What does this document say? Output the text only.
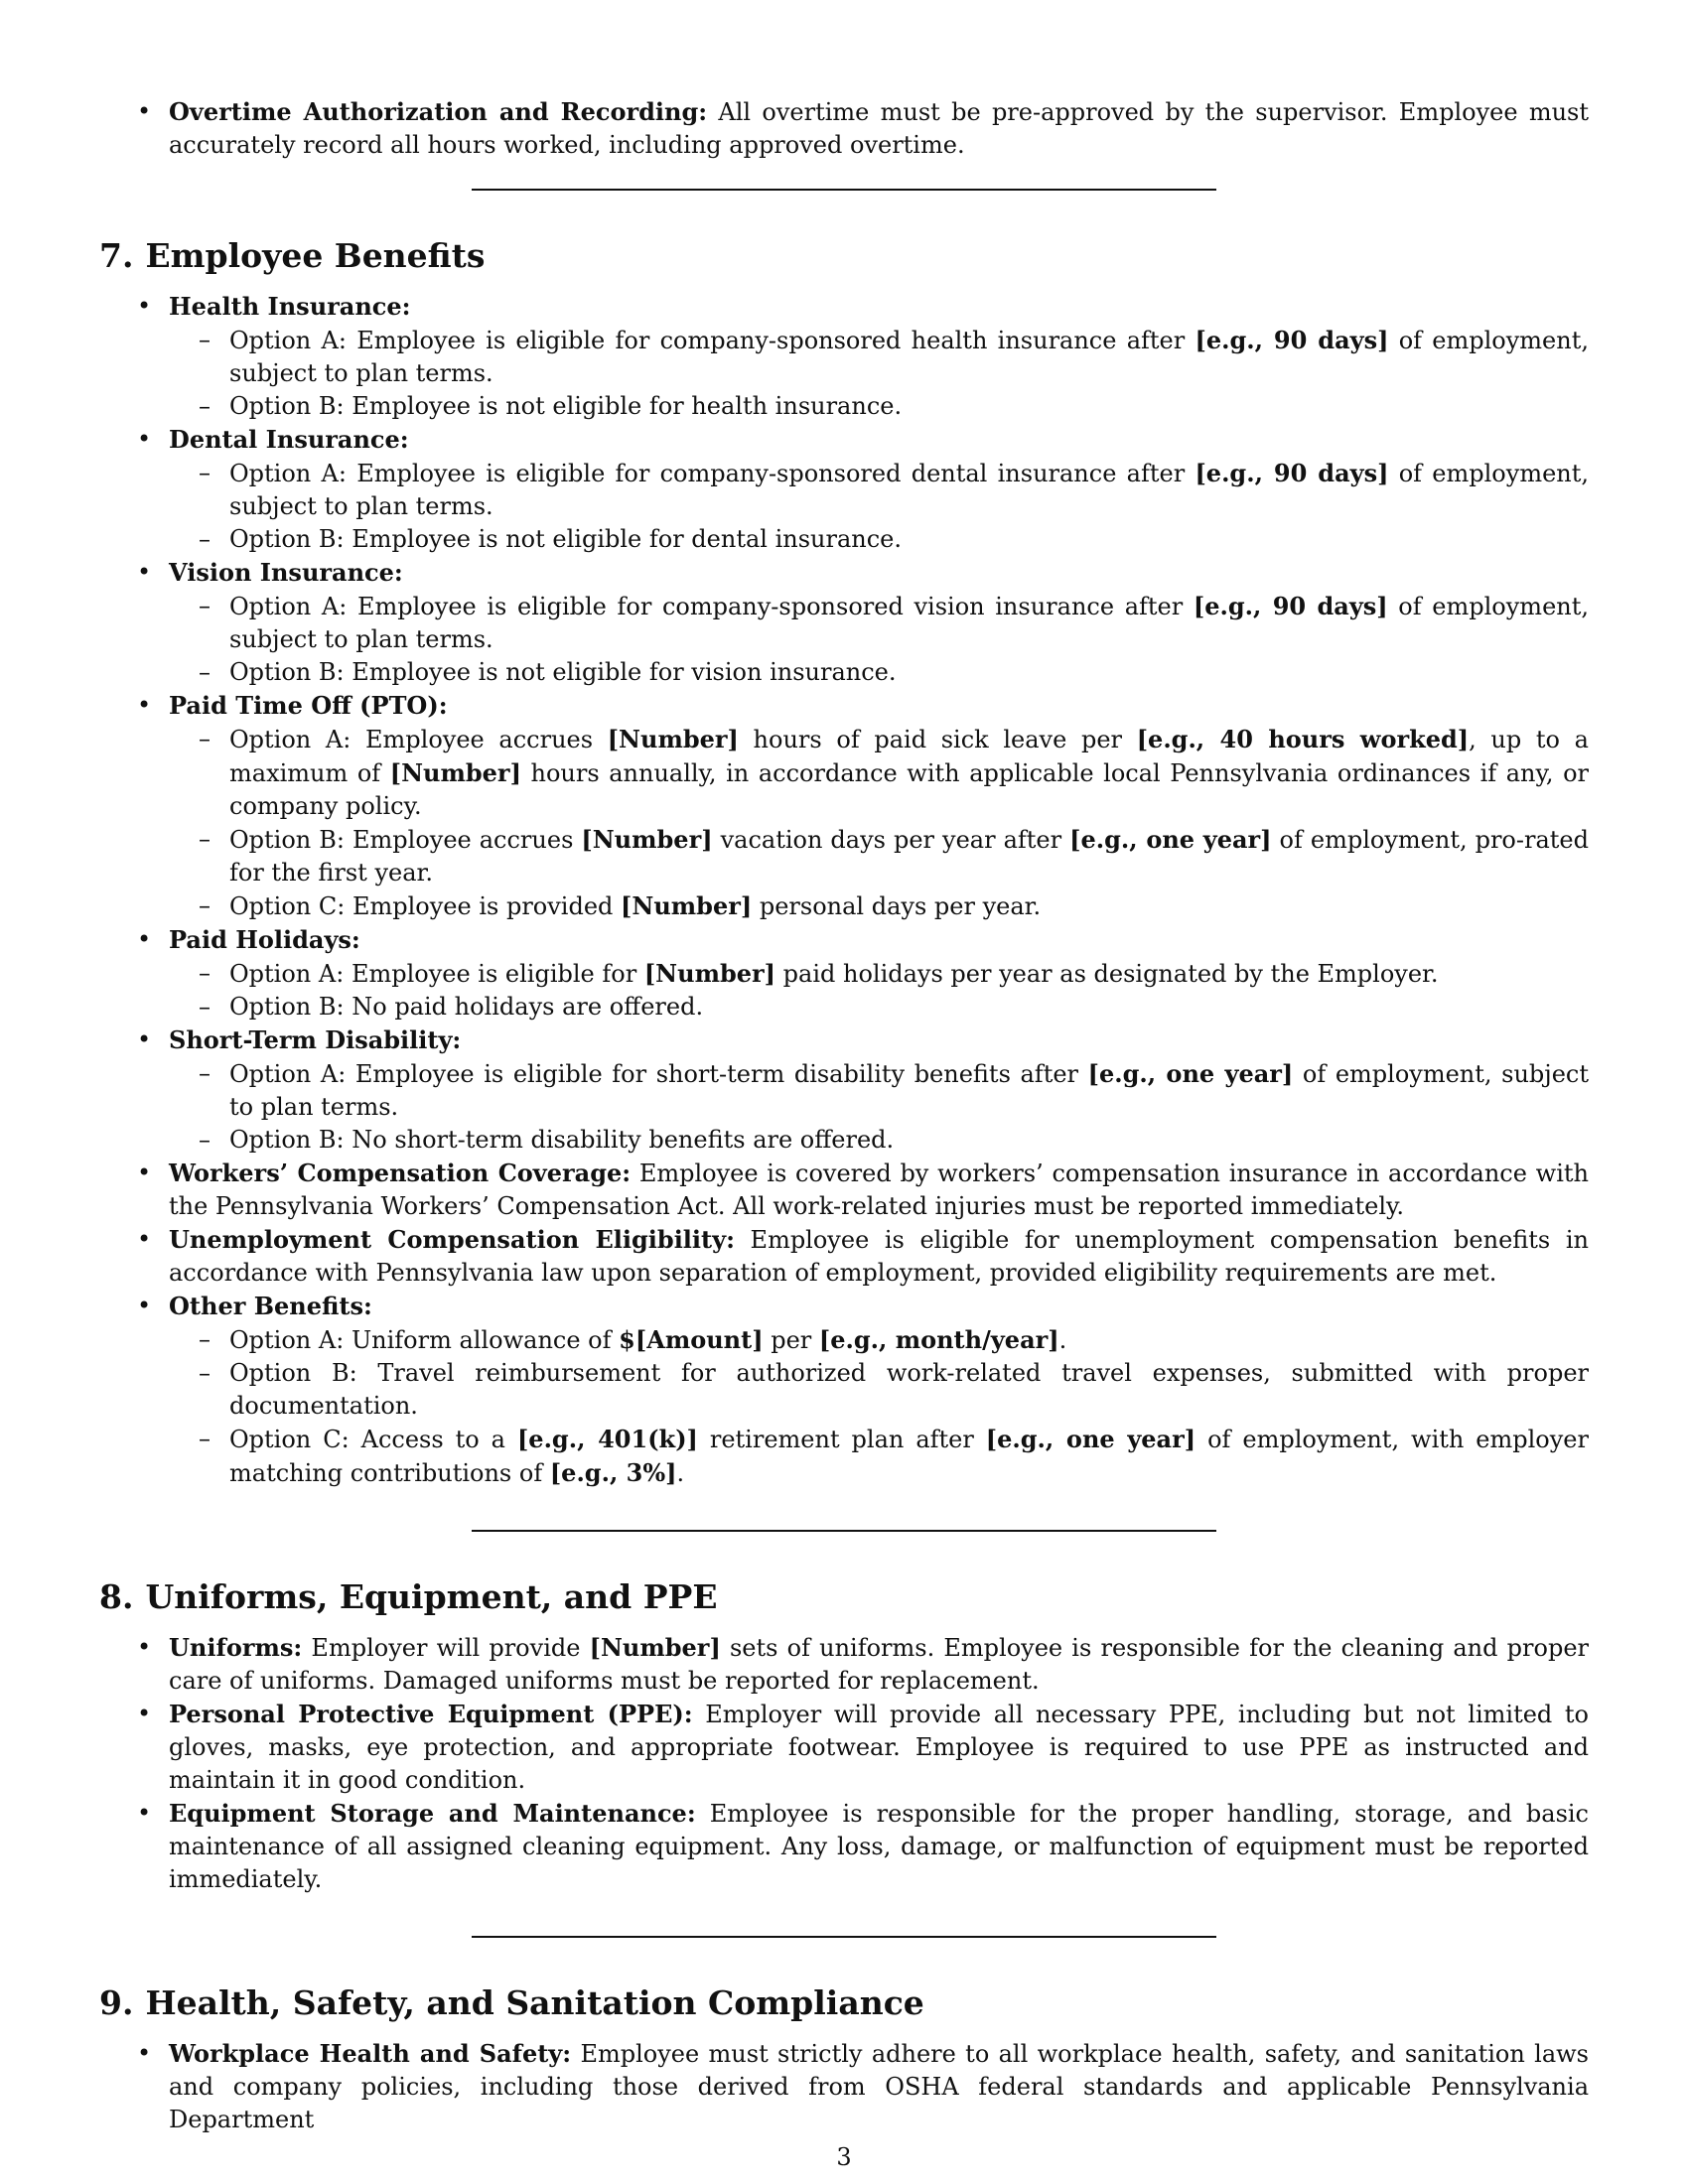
• Overtime Authorization and Recording: All overtime must be pre-approved by the supervisor. Employee must accurately record all hours worked, including approved overtime.
7. Employee Benefits
• Health Insurance:
– Option A: Employee is eligible for company-sponsored health insurance after [e.g., 90 days] of employment, subject to plan terms.
– Option B: Employee is not eligible for health insurance.
• Dental Insurance:
– Option A: Employee is eligible for company-sponsored dental insurance after [e.g., 90 days] of employment, subject to plan terms.
– Option B: Employee is not eligible for dental insurance.
• Vision Insurance:
– Option A: Employee is eligible for company-sponsored vision insurance after [e.g., 90 days] of employment, subject to plan terms.
– Option B: Employee is not eligible for vision insurance.
• Paid Time Off (PTO):
– Option A: Employee accrues [Number] hours of paid sick leave per [e.g., 40 hours worked], up to a maximum of [Number] hours annually, in accordance with applicable local Pennsylvania ordinances if any, or company policy.
– Option B: Employee accrues [Number] vacation days per year after [e.g., one year] of employment, pro-rated for the first year.
– Option C: Employee is provided [Number] personal days per year.
• Paid Holidays:
– Option A: Employee is eligible for [Number] paid holidays per year as designated by the Employer.
– Option B: No paid holidays are offered.
• Short-Term Disability:
– Option A: Employee is eligible for short-term disability benefits after [e.g., one year] of employment, subject to plan terms.
– Option B: No short-term disability benefits are offered.
• Workers’ Compensation Coverage: Employee is covered by workers’ compensation insurance in accordance with the Pennsylvania Workers’ Compensation Act. All work-related injuries must be reported immediately.
• Unemployment Compensation Eligibility: Employee is eligible for unemployment compensation benefits in accordance with Pennsylvania law upon separation of employment, provided eligibility requirements are met.
• Other Benefits:
– Option A: Uniform allowance of $[Amount] per [e.g., month/year].
– Option B: Travel reimbursement for authorized work-related travel expenses, submitted with proper documentation.
– Option C: Access to a [e.g., 401(k)] retirement plan after [e.g., one year] of employment, with employer matching contributions of [e.g., 3%].
8. Uniforms, Equipment, and PPE
• Uniforms: Employer will provide [Number] sets of uniforms. Employee is responsible for the cleaning and proper care of uniforms. Damaged uniforms must be reported for replacement.
• Personal Protective Equipment (PPE): Employer will provide all necessary PPE, including but not limited to gloves, masks, eye protection, and appropriate footwear. Employee is required to use PPE as instructed and maintain it in good condition.
• Equipment Storage and Maintenance: Employee is responsible for the proper handling, storage, and basic maintenance of all assigned cleaning equipment. Any loss, damage, or malfunction of equipment must be reported immediately.
9. Health, Safety, and Sanitation Compliance
• Workplace Health and Safety: Employee must strictly adhere to all workplace health, safety, and sanitation laws and company policies, including those derived from OSHA federal standards and applicable Pennsylvania Department
3
